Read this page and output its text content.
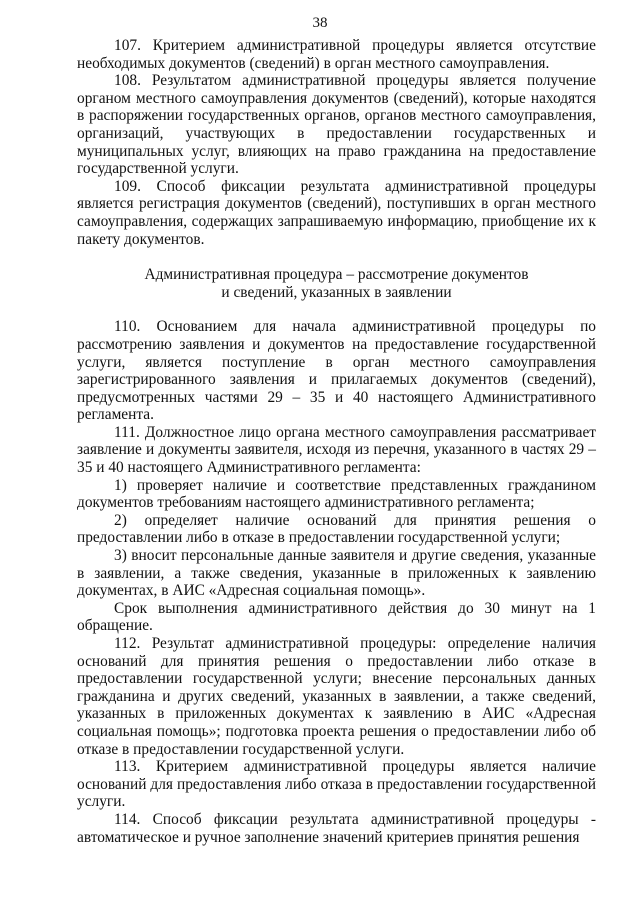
38

107. Критерием административной процедуры является отсутствие необходимых документов (сведений) в орган местного самоуправления.

108. Результатом административной процедуры является получение органом местного самоуправления документов (сведений), которые находятся в распоряжении государственных органов, органов местного самоуправления, организаций, участвующих в предоставлении государственных и муниципальных услуг, влияющих на право гражданина на предоставление государственной услуги.

109. Способ фиксации результата административной процедуры является регистрация документов (сведений), поступивших в орган местного самоуправления, содержащих запрашиваемую информацию, приобщение их к пакету документов.

Административная процедура – рассмотрение документов
и сведений, указанных в заявлении

110. Основанием для начала административной процедуры по рассмотрению заявления и документов на предоставление государственной услуги, является поступление в орган местного самоуправления зарегистрированного заявления и прилагаемых документов (сведений), предусмотренных частями 29 – 35 и 40 настоящего Административного регламента.

111. Должностное лицо органа местного самоуправления рассматривает заявление и документы заявителя, исходя из перечня, указанного в частях 29 – 35 и 40 настоящего Административного регламента:

1) проверяет наличие и соответствие представленных гражданином документов требованиям настоящего административного регламента;

2) определяет наличие оснований для принятия решения о предоставлении либо в отказе в предоставлении государственной услуги;

3) вносит персональные данные заявителя и другие сведения, указанные в заявлении, а также сведения, указанные в приложенных к заявлению документах, в АИС «Адресная социальная помощь».

Срок выполнения административного действия до 30 минут на 1 обращение.

112. Результат административной процедуры: определение наличия оснований для принятия решения о предоставлении либо отказе в предоставлении государственной услуги; внесение персональных данных гражданина и других сведений, указанных в заявлении, а также сведений, указанных в приложенных документах к заявлению в АИС «Адресная социальная помощь»; подготовка проекта решения о предоставлении либо об отказе в предоставлении государственной услуги.

113. Критерием административной процедуры является наличие оснований для предоставления либо отказа в предоставлении государственной услуги.

114. Способ фиксации результата административной процедуры - автоматическое и ручное заполнение значений критериев принятия решения
